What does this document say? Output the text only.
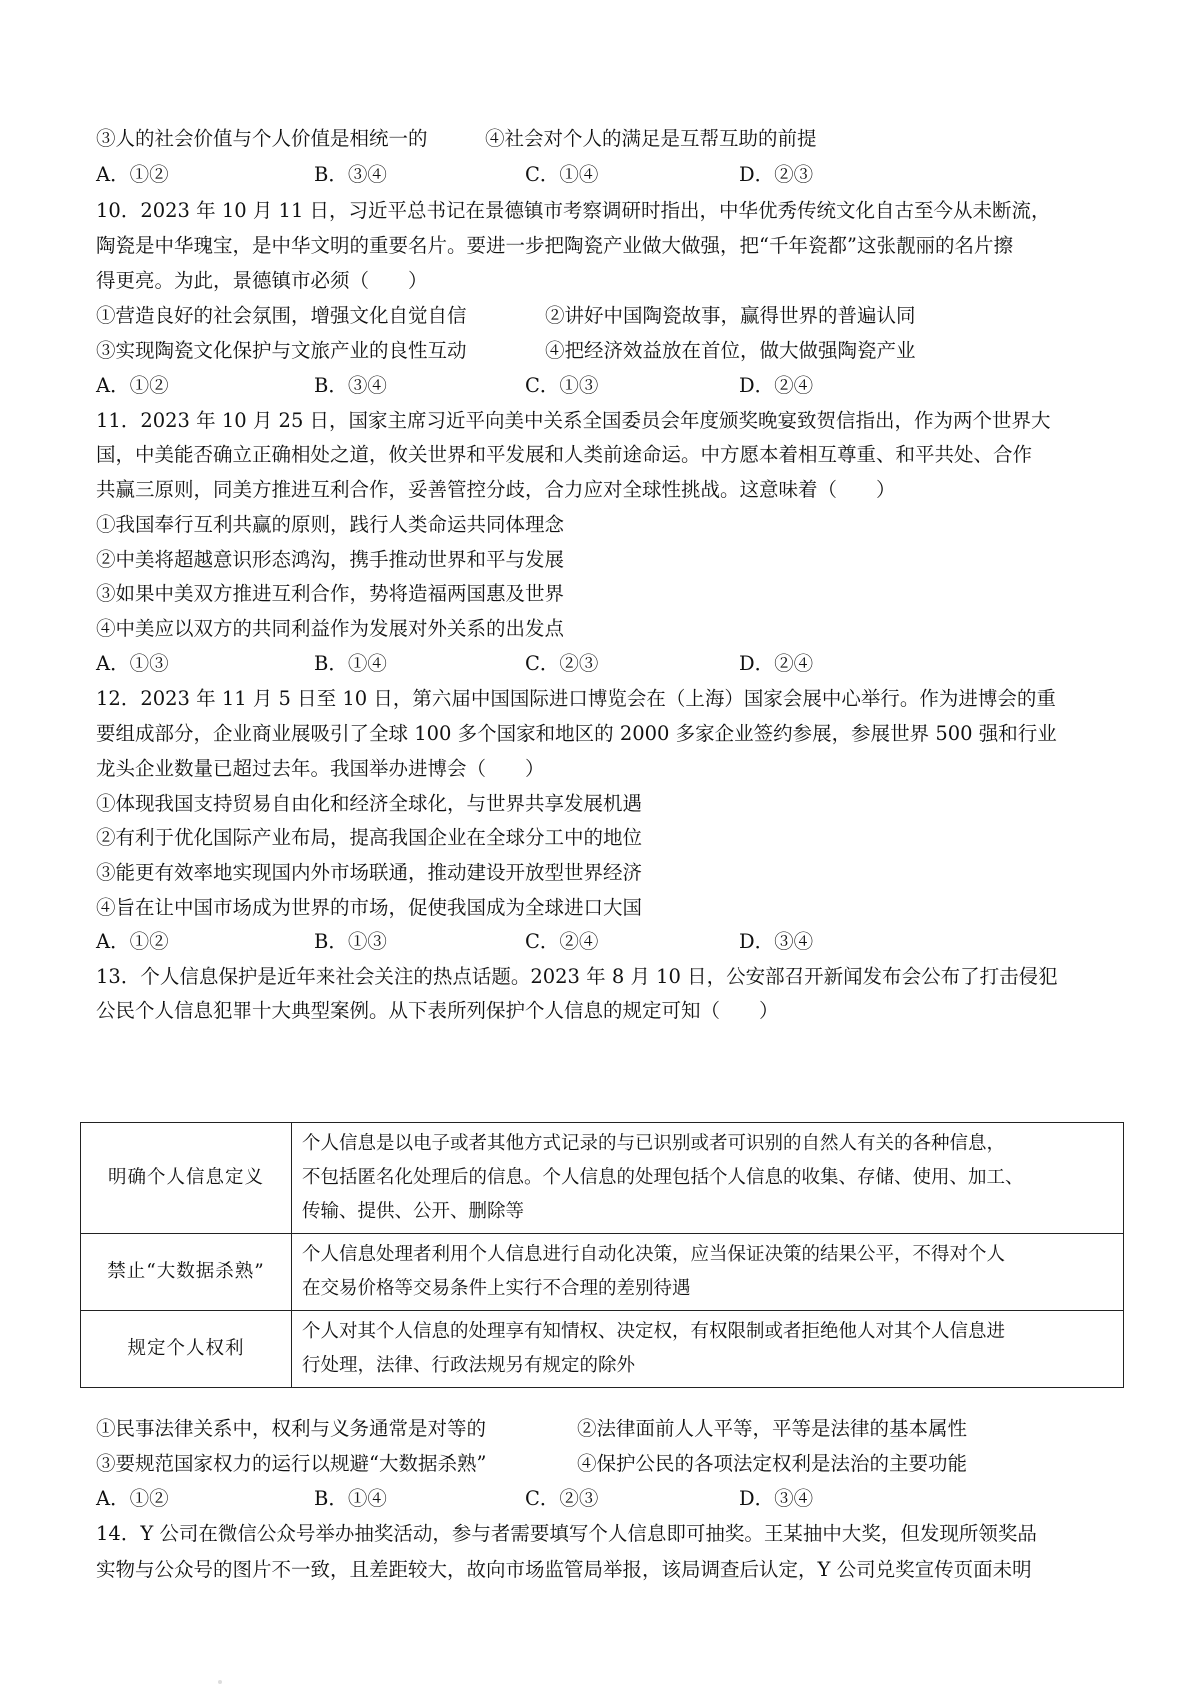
③人的社会价值与个人价值是相统一的	④社会对个人的满足是互帮互助的前提
A．①②	B．③④	C．①④	D．②③
10．2023 年 10 月 11 日，习近平总书记在景德镇市考察调研时指出，中华优秀传统文化自古至今从未断流，
陶瓷是中华瑰宝，是中华文明的重要名片。要进一步把陶瓷产业做大做强，把“千年瓷都”这张靓丽的名片擦
得更亮。为此，景德镇市必须（　　）
①营造良好的社会氛围，增强文化自觉自信	②讲好中国陶瓷故事，赢得世界的普遍认同
③实现陶瓷文化保护与文旅产业的良性互动	④把经济效益放在首位，做大做强陶瓷产业
A．①②	B．③④	C．①③	D．②④
11．2023 年 10 月 25 日，国家主席习近平向美中关系全国委员会年度颁奖晚宴致贺信指出，作为两个世界大
国，中美能否确立正确相处之道，攸关世界和平发展和人类前途命运。中方愿本着相互尊重、和平共处、合作
共赢三原则，同美方推进互利合作，妥善管控分歧，合力应对全球性挑战。这意味着（　　）
①我国奉行互利共赢的原则，践行人类命运共同体理念
②中美将超越意识形态鸿沟，携手推动世界和平与发展
③如果中美双方推进互利合作，势将造福两国惠及世界
④中美应以双方的共同利益作为发展对外关系的出发点
A．①③	B．①④	C．②③	D．②④
12．2023 年 11 月 5 日至 10 日，第六届中国国际进口博览会在（上海）国家会展中心举行。作为进博会的重
要组成部分，企业商业展吸引了全球 100 多个国家和地区的 2000 多家企业签约参展，参展世界 500 强和行业
龙头企业数量已超过去年。我国举办进博会（　　）
①体现我国支持贸易自由化和经济全球化，与世界共享发展机遇
②有利于优化国际产业布局，提高我国企业在全球分工中的地位
③能更有效率地实现国内外市场联通，推动建设开放型世界经济
④旨在让中国市场成为世界的市场，促使我国成为全球进口大国
A．①②	B．①③	C．②④	D．③④
13．个人信息保护是近年来社会关注的热点话题。2023 年 8 月 10 日，公安部召开新闻发布会公布了打击侵犯
公民个人信息犯罪十大典型案例。从下表所列保护个人信息的规定可知（　　）
明确个人信息定义	个人信息是以电子或者其他方式记录的与已识别或者可识别的自然人有关的各种信息，
不包括匿名化处理后的信息。个人信息的处理包括个人信息的收集、存储、使用、加工、
传输、提供、公开、删除等

禁止“大数据杀熟”	个人信息处理者利用个人信息进行自动化决策，应当保证决策的结果公平，不得对个人
在交易价格等交易条件上实行不合理的差别待遇

规定个人权利	个人对其个人信息的处理享有知情权、决定权，有权限制或者拒绝他人对其个人信息进
行处理，法律、行政法规另有规定的除外
①民事法律关系中，权利与义务通常是对等的	②法律面前人人平等，平等是法律的基本属性
③要规范国家权力的运行以规避“大数据杀熟”	④保护公民的各项法定权利是法治的主要功能
A．①②	B．①④	C．②③	D．③④
14．Y 公司在微信公众号举办抽奖活动，参与者需要填写个人信息即可抽奖。王某抽中大奖，但发现所领奖品
实物与公众号的图片不一致，且差距较大，故向市场监管局举报，该局调查后认定，Y 公司兑奖宣传页面未明
